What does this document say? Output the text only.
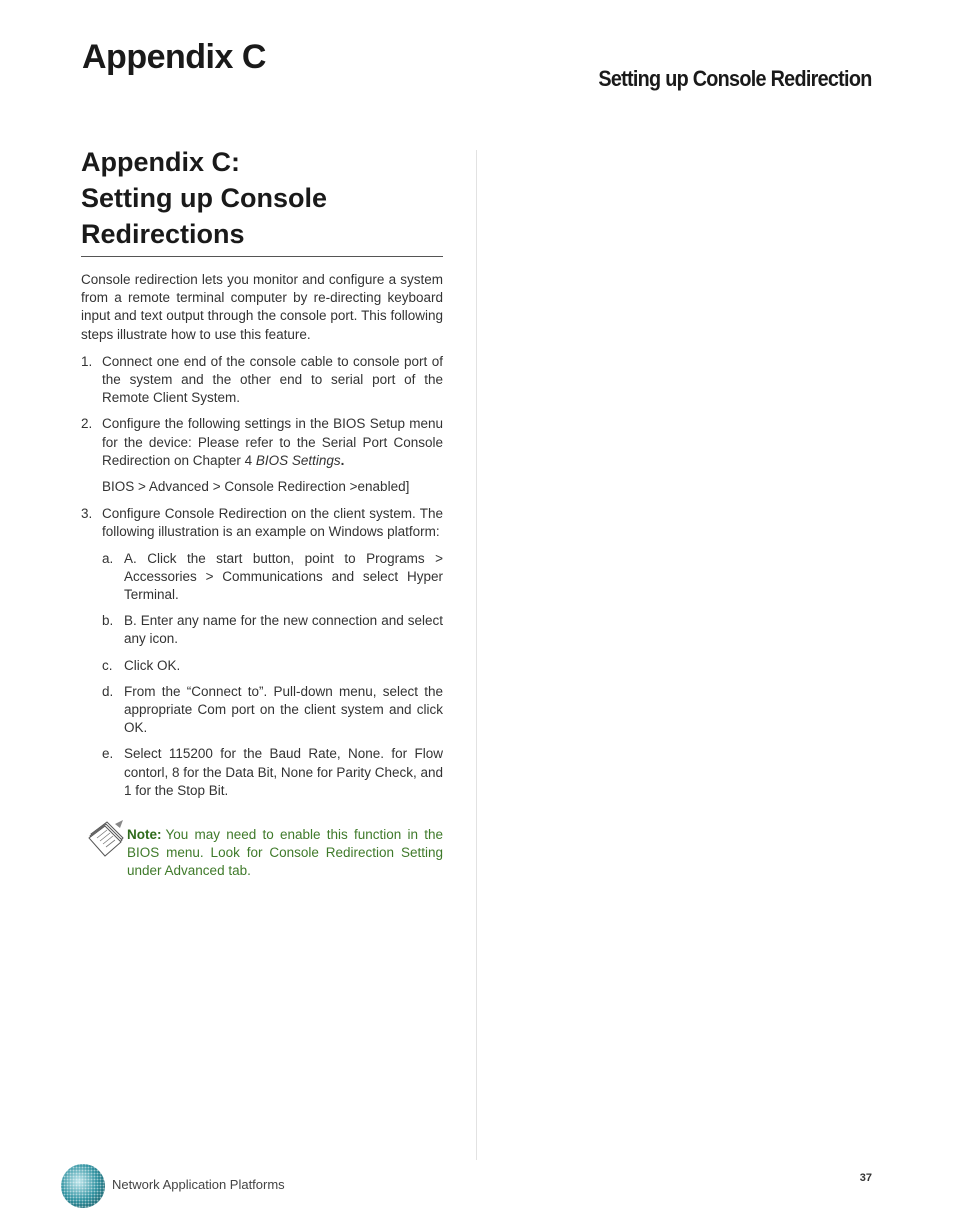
Appendix C
Setting up Console Redirection
Appendix C:
Setting up Console
Redirections

Console redirection lets you monitor and configure a system from a remote terminal computer by re-directing keyboard input and text output through the console port. This following steps illustrate how to use this feature.

1. Connect one end of the console cable to console port of the system and the other end to serial port of the Remote Client System.

2. Configure the following settings in the BIOS Setup menu for the device: Please refer to the Serial Port Console Redirection on Chapter 4 BIOS Settings.

BIOS > Advanced > Console Redirection >enabled]
3. Configure Console Redirection on the client system. The following illustration is an example on Windows platform:

a. A. Click the start button, point to Programs > Accessories > Communications and select Hyper Terminal.
b. B. Enter any name for the new connection and select any icon.
c. Click OK.
d. From the “Connect to”. Pull-down menu, select the appropriate Com port on the client system and click OK.
e. Select 115200 for the Baud Rate, None. for Flow contorl, 8 for the Data Bit, None for Parity Check, and 1 for the Stop Bit.

Note: You may need to enable this function in the BIOS menu. Look for Console Redirection Setting under Advanced tab.

Network Application Platforms	37
